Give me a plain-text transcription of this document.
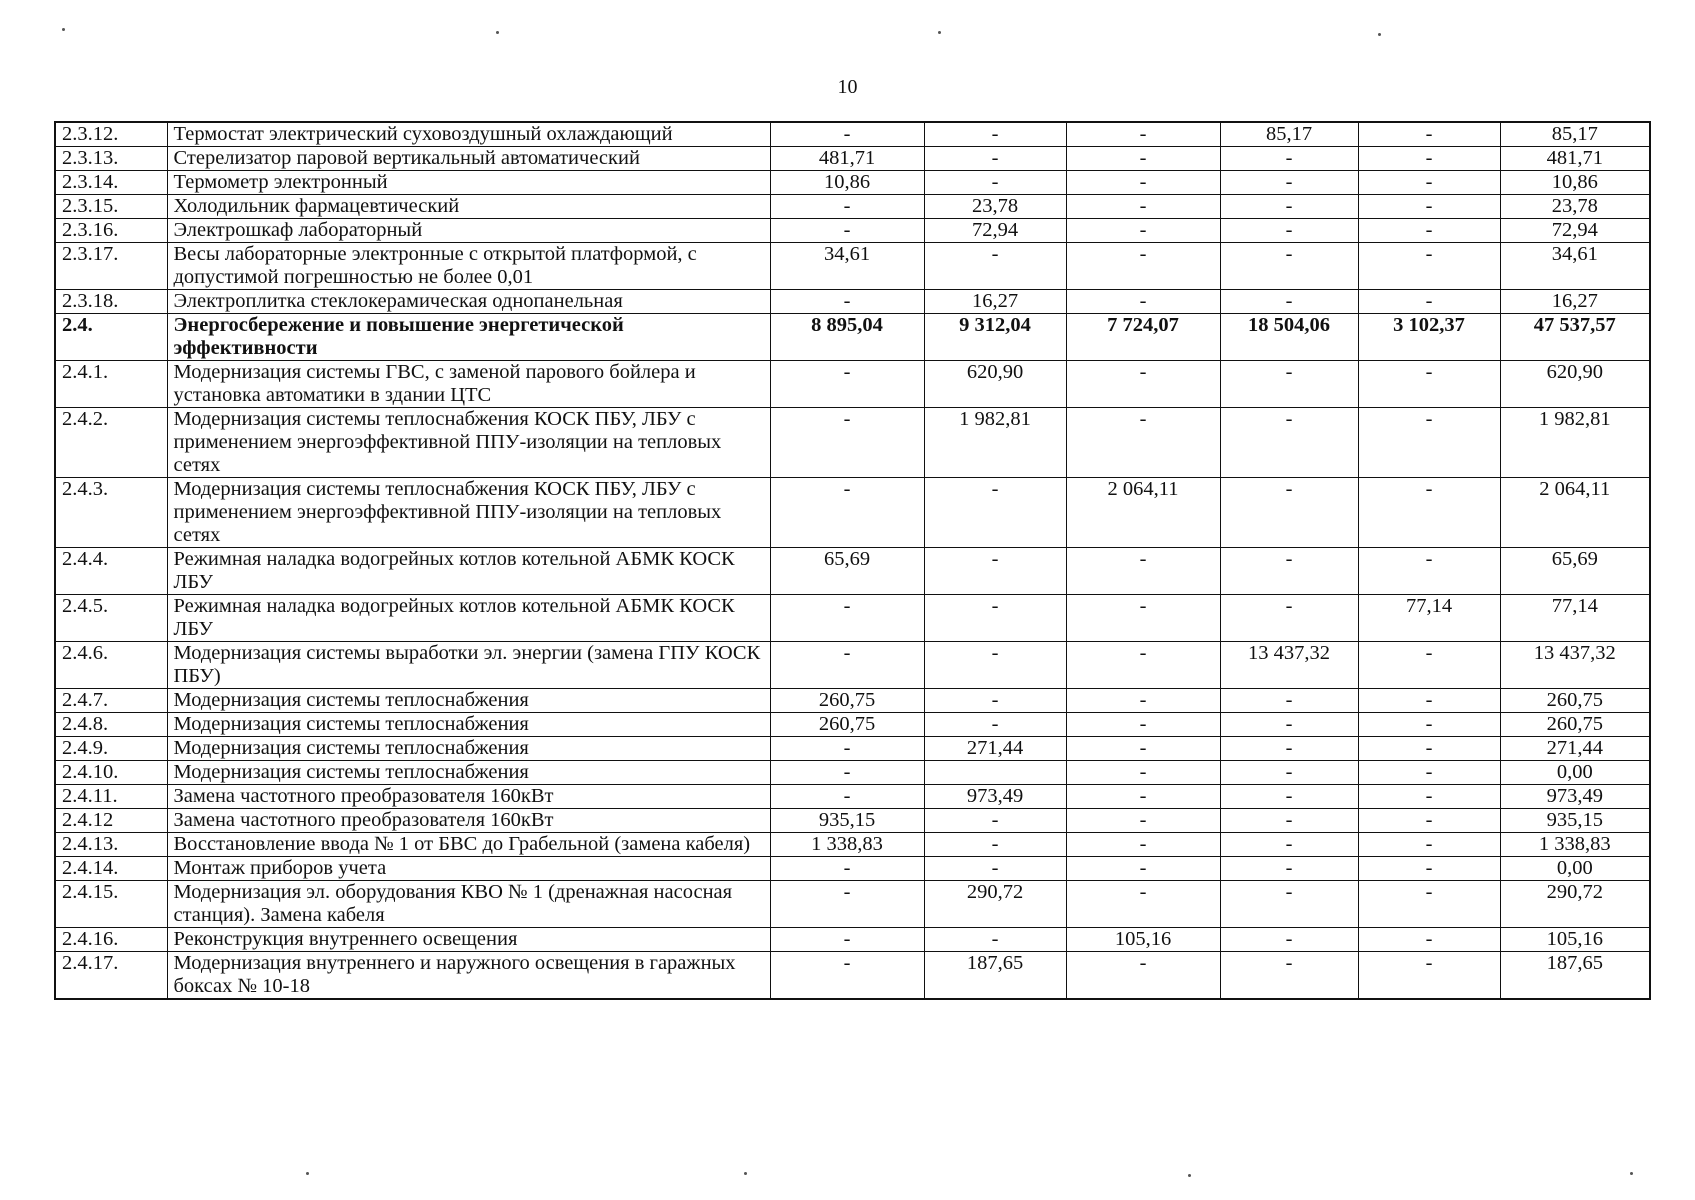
10
2.3.12.	Термостат электрический суховоздушный охлаждающий	-	-	-	85,17	-	85,17
2.3.13.	Стерелизатор паровой вертикальный автоматический	481,71	-	-	-	-	481,71
2.3.14.	Термометр электронный	10,86	-	-	-	-	10,86
2.3.15.	Холодильник фармацевтический	-	23,78	-	-	-	23,78
2.3.16.	Электрошкаф лабораторный	-	72,94	-	-	-	72,94
2.3.17.	Весы лабораторные электронные с открытой платформой, с допустимой погрешностью не более 0,01	34,61	-	-	-	-	34,61
2.3.18.	Электроплитка стеклокерамическая однопанельная	-	16,27	-	-	-	16,27
2.4.	Энергосбережение и повышение энергетической эффективности	8 895,04	9 312,04	7 724,07	18 504,06	3 102,37	47 537,57
2.4.1.	Модернизация системы ГВС, с заменой парового бойлера и установка автоматики в здании ЦТС	-	620,90	-	-	-	620,90
2.4.2.	Модернизация системы теплоснабжения КОСК ПБУ, ЛБУ с применением энергоэффективной ППУ-изоляции на тепловых сетях	-	1 982,81	-	-	-	1 982,81
2.4.3.	Модернизация системы теплоснабжения КОСК ПБУ, ЛБУ с применением энергоэффективной ППУ-изоляции на тепловых сетях	-	-	2 064,11	-	-	2 064,11
2.4.4.	Режимная наладка водогрейных котлов котельной АБМК КОСК ЛБУ	65,69	-	-	-	-	65,69
2.4.5.	Режимная наладка водогрейных котлов котельной АБМК КОСК ЛБУ	-	-	-	-	77,14	77,14
2.4.6.	Модернизация системы выработки эл. энергии (замена ГПУ КОСК ПБУ)	-	-	-	13 437,32	-	13 437,32
2.4.7.	Модернизация системы теплоснабжения	260,75	-	-	-	-	260,75
2.4.8.	Модернизация системы теплоснабжения	260,75	-	-	-	-	260,75
2.4.9.	Модернизация системы теплоснабжения	-	271,44	-	-	-	271,44
2.4.10.	Модернизация системы теплоснабжения	-		-	-	-	0,00
2.4.11.	Замена частотного преобразователя 160кВт	-	973,49	-	-	-	973,49
2.4.12	Замена частотного преобразователя 160кВт	935,15	-	-	-	-	935,15
2.4.13.	Восстановление ввода № 1 от БВС до Грабельной (замена кабеля)	1 338,83	-	-	-	-	1 338,83
2.4.14.	Монтаж приборов учета	-	-	-	-	-	0,00
2.4.15.	Модернизация эл. оборудования КВО № 1 (дренажная насосная станция). Замена кабеля	-	290,72	-	-	-	290,72
2.4.16.	Реконструкция внутреннего освещения	-	-	105,16	-	-	105,16
2.4.17.	Модернизация внутреннего и наружного освещения в гаражных боксах № 10-18	-	187,65	-	-	-	187,65
